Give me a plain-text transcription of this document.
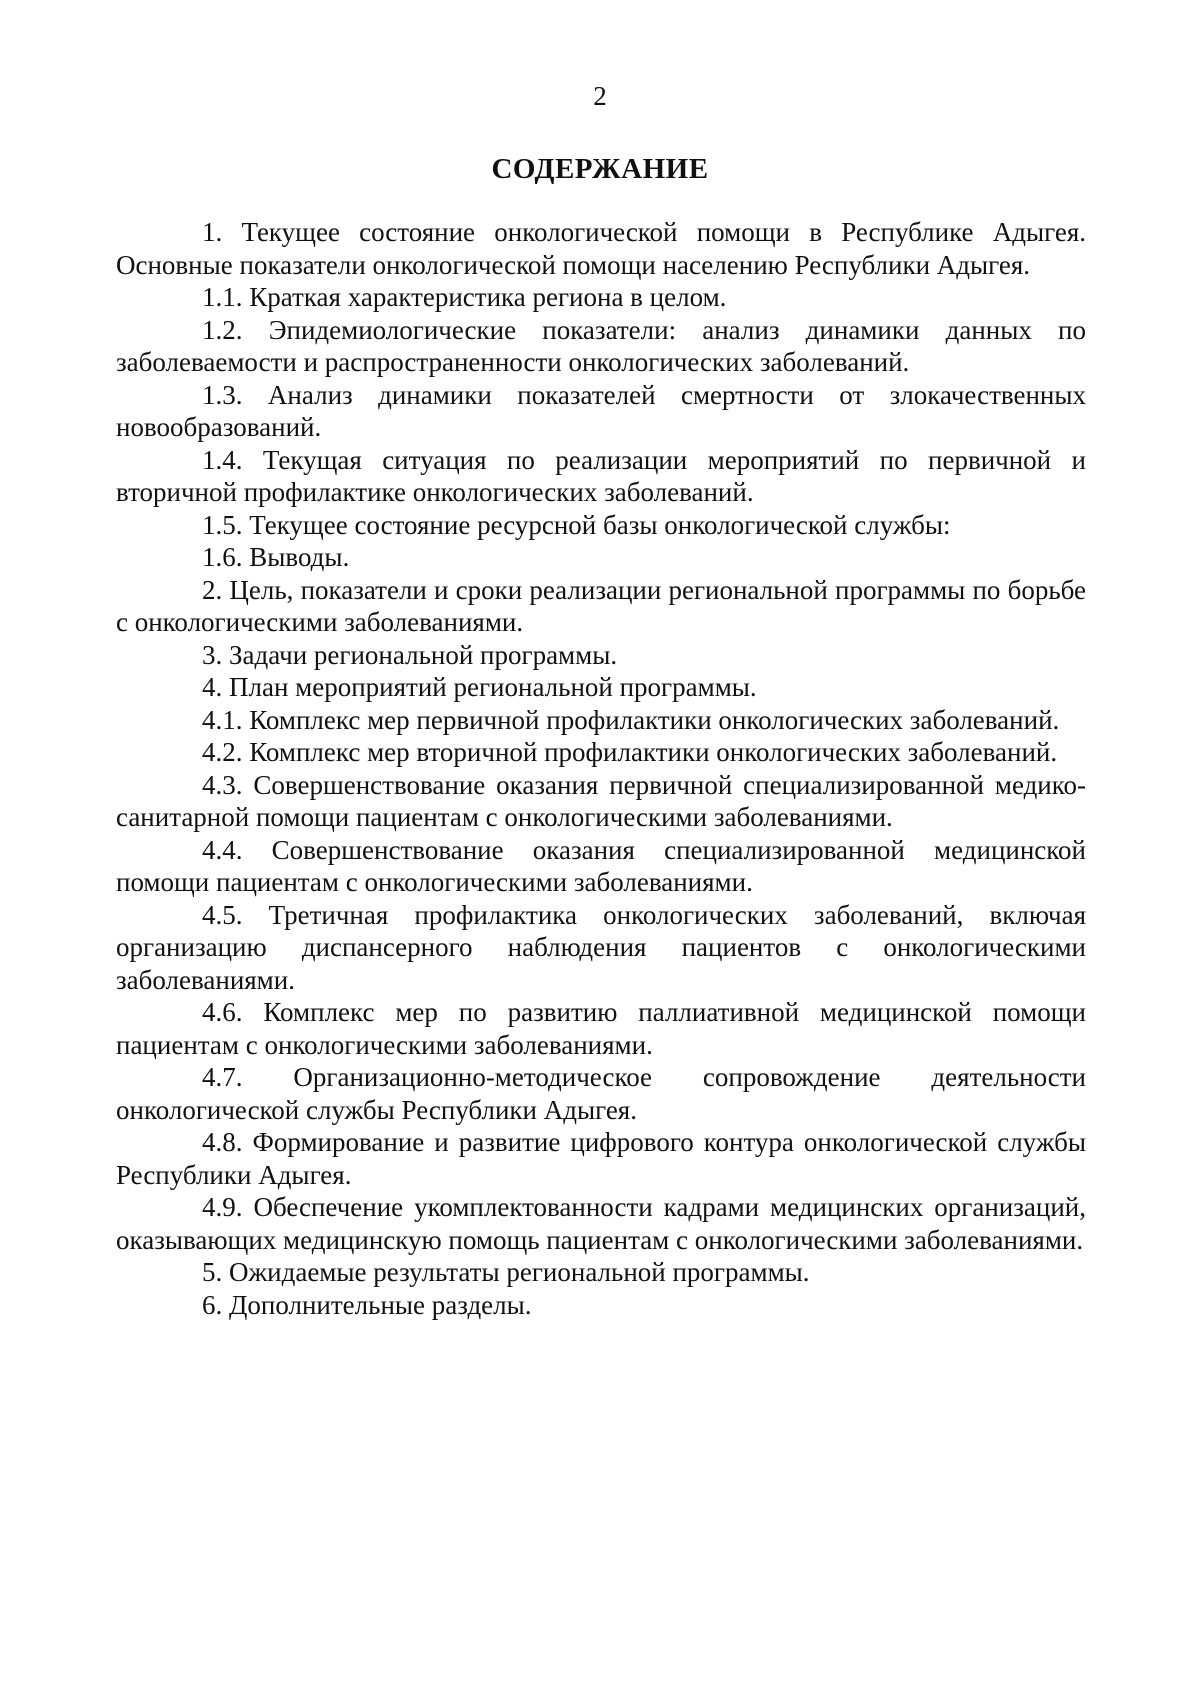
2
СОДЕРЖАНИЕ
1. Текущее состояние онкологической помощи в Республике Адыгея. Основные показатели онкологической помощи населению Республики Адыгея.
1.1. Краткая характеристика региона в целом.
1.2. Эпидемиологические показатели: анализ динамики данных по заболеваемости и распространенности онкологических заболеваний.
1.3. Анализ динамики показателей смертности от злокачественных новообразований.
1.4. Текущая ситуация по реализации мероприятий по первичной и вторичной профилактике онкологических заболеваний.
1.5. Текущее состояние ресурсной базы онкологической службы:
1.6. Выводы.
2. Цель, показатели и сроки реализации региональной программы по борьбе с онкологическими заболеваниями.
3. Задачи региональной программы.
4. План мероприятий региональной программы.
4.1. Комплекс мер первичной профилактики онкологических заболеваний.
4.2. Комплекс мер вторичной профилактики онкологических заболеваний.
4.3. Совершенствование оказания первичной специализированной медико-санитарной помощи пациентам с онкологическими заболеваниями.
4.4. Совершенствование оказания специализированной медицинской помощи пациентам с онкологическими заболеваниями.
4.5. Третичная профилактика онкологических заболеваний, включая организацию диспансерного наблюдения пациентов с онкологическими заболеваниями.
4.6. Комплекс мер по развитию паллиативной медицинской помощи пациентам с онкологическими заболеваниями.
4.7. Организационно-методическое сопровождение деятельности онкологической службы Республики Адыгея.
4.8. Формирование и развитие цифрового контура онкологической службы Республики Адыгея.
4.9. Обеспечение укомплектованности кадрами медицинских организаций, оказывающих медицинскую помощь пациентам с онкологическими заболеваниями.
5. Ожидаемые результаты региональной программы.
6. Дополнительные разделы.
